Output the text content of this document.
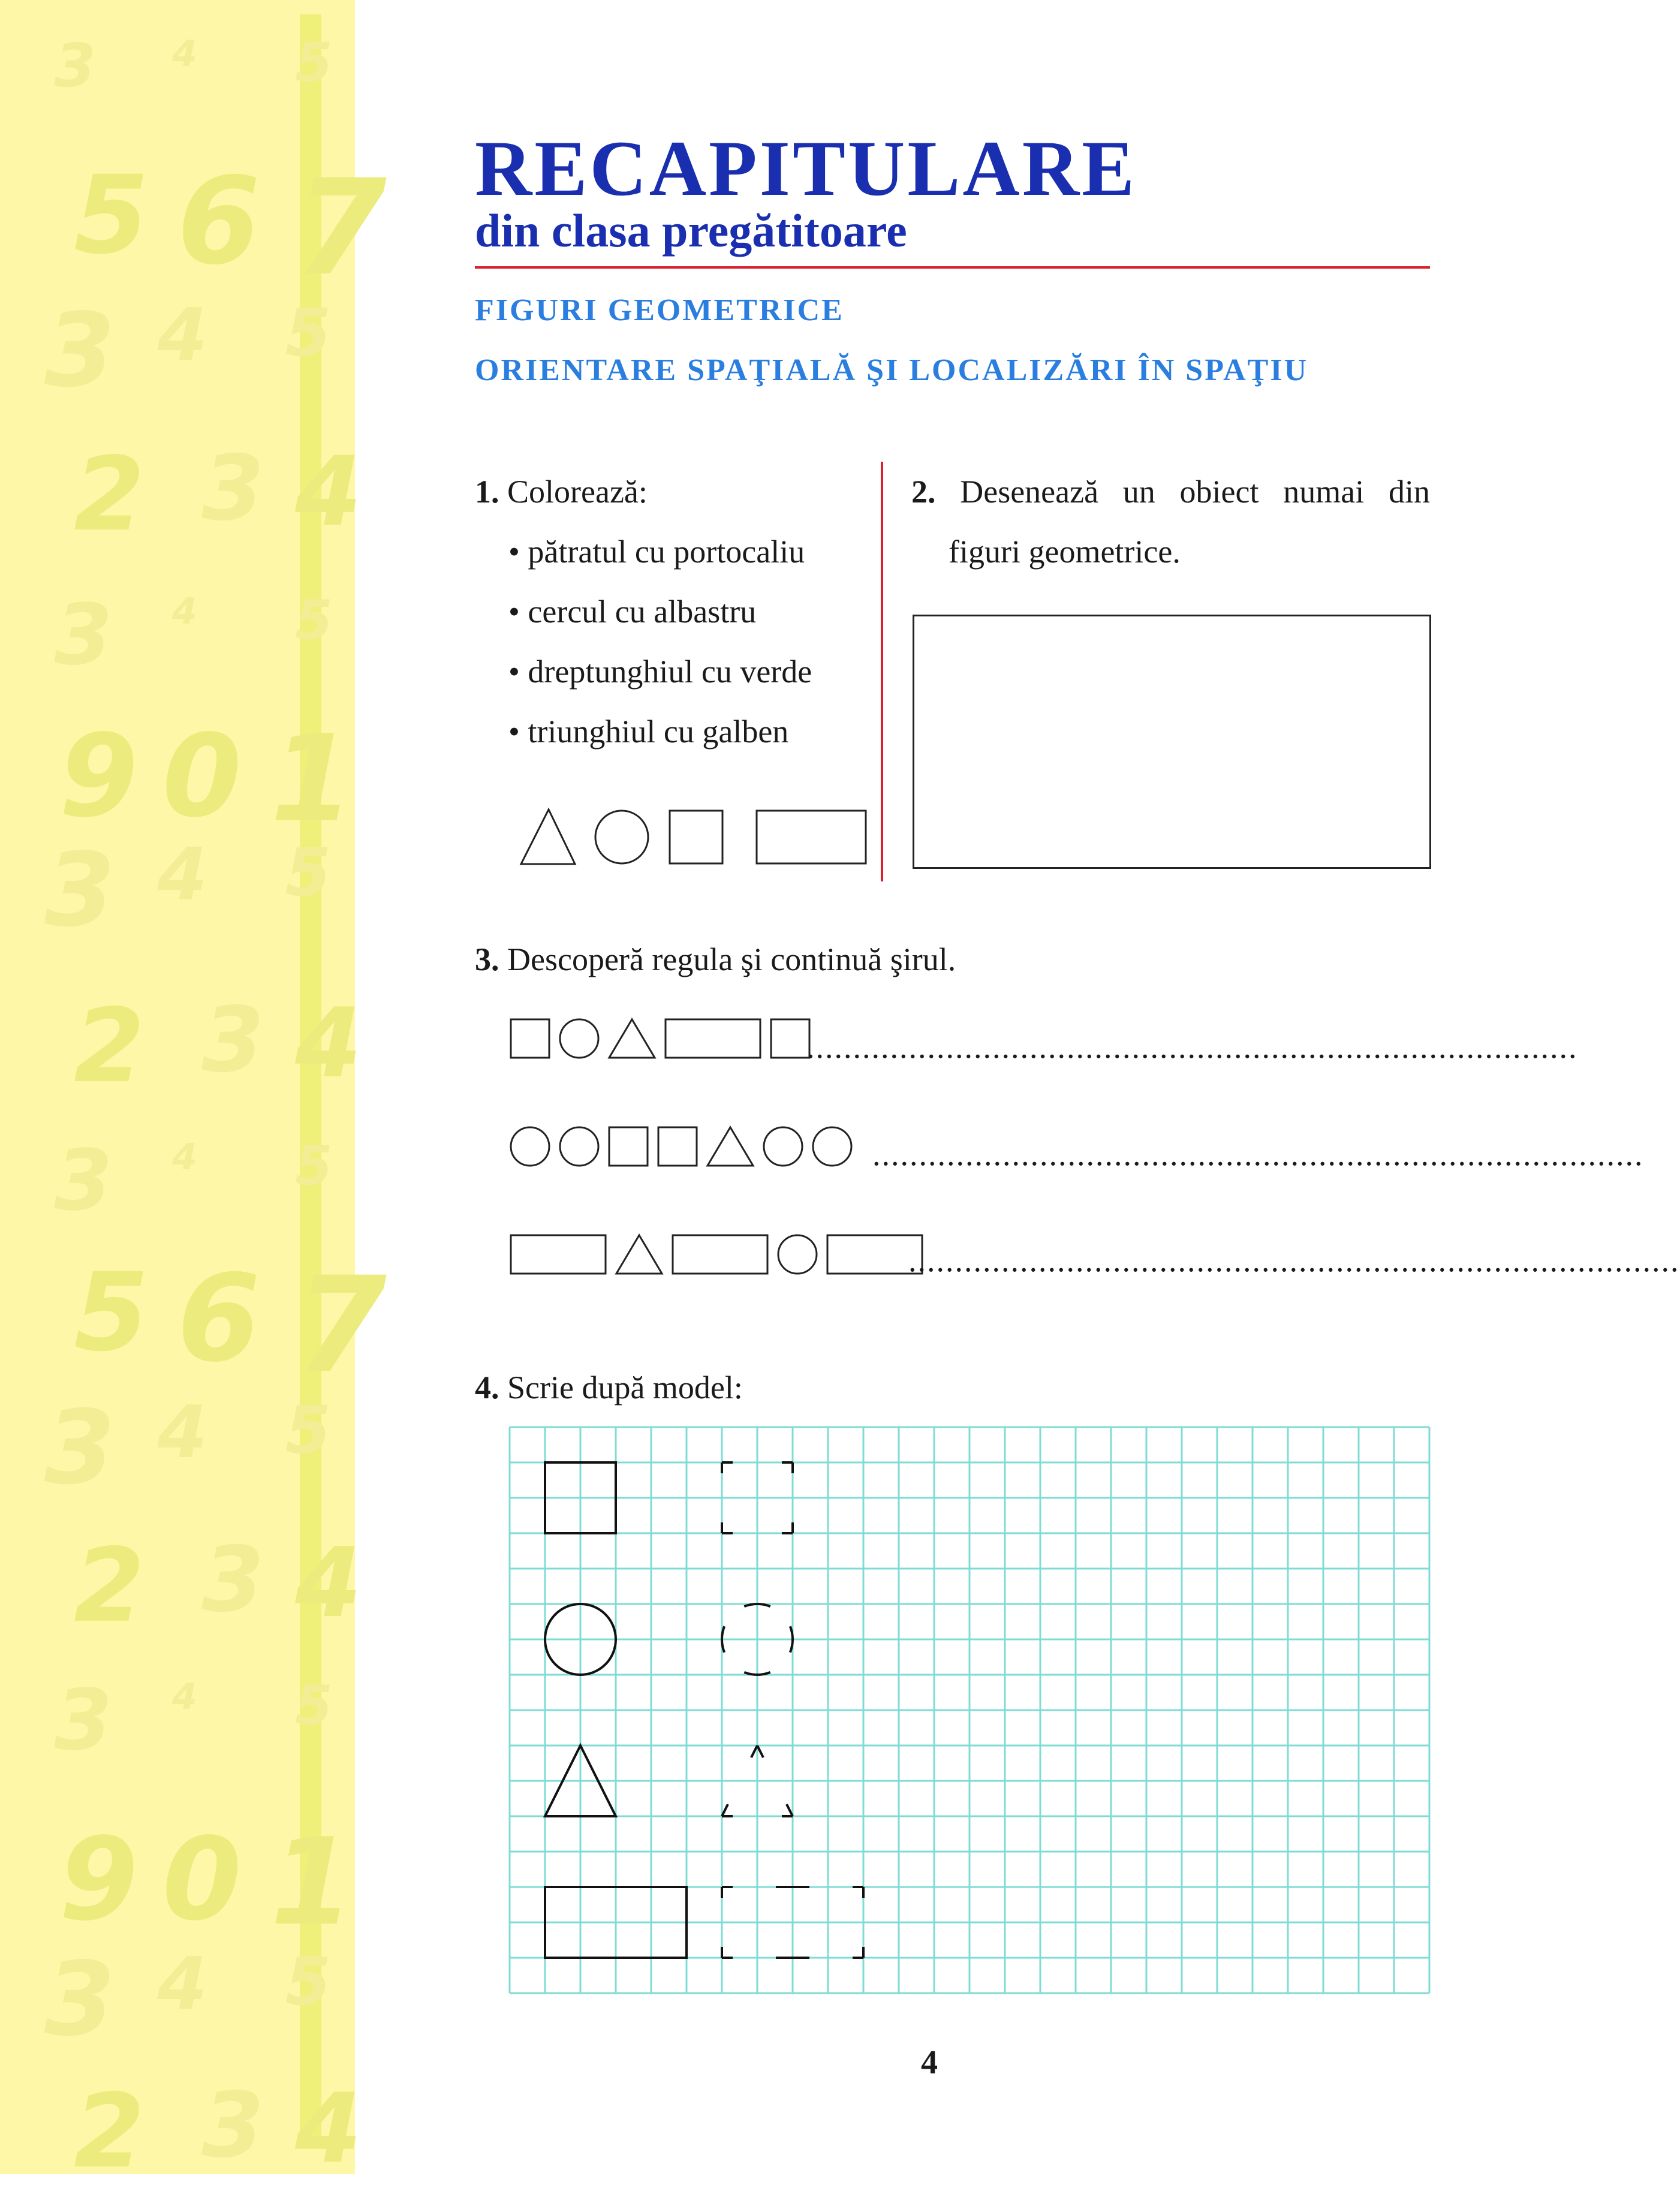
3 4 5
5 6 7
3 4 5
2 3 4
3 4 5
9 0 1
3 4 5
2 3 4
3 4 5
5 6 7
3 4 5
2 3 4
3 4 5
9 0 1
3 4 5
2 3 4
RECAPITULARE
din clasa pregătitoare
FIGURI GEOMETRICE
ORIENTARE SPAŢIALĂ ŞI LOCALIZĂRI ÎN SPAŢIU
1. Colorează:
• pătratul cu portocaliu
• cercul cu albastru
• dreptunghiul cu verde
• triunghiul cu galben
2. Desenează un obiect numai din
figuri geometrice.
3. Descoperă regula şi continuă şirul.
...................................................................................
...................................................................................
...................................................................................
4. Scrie după model:
4
